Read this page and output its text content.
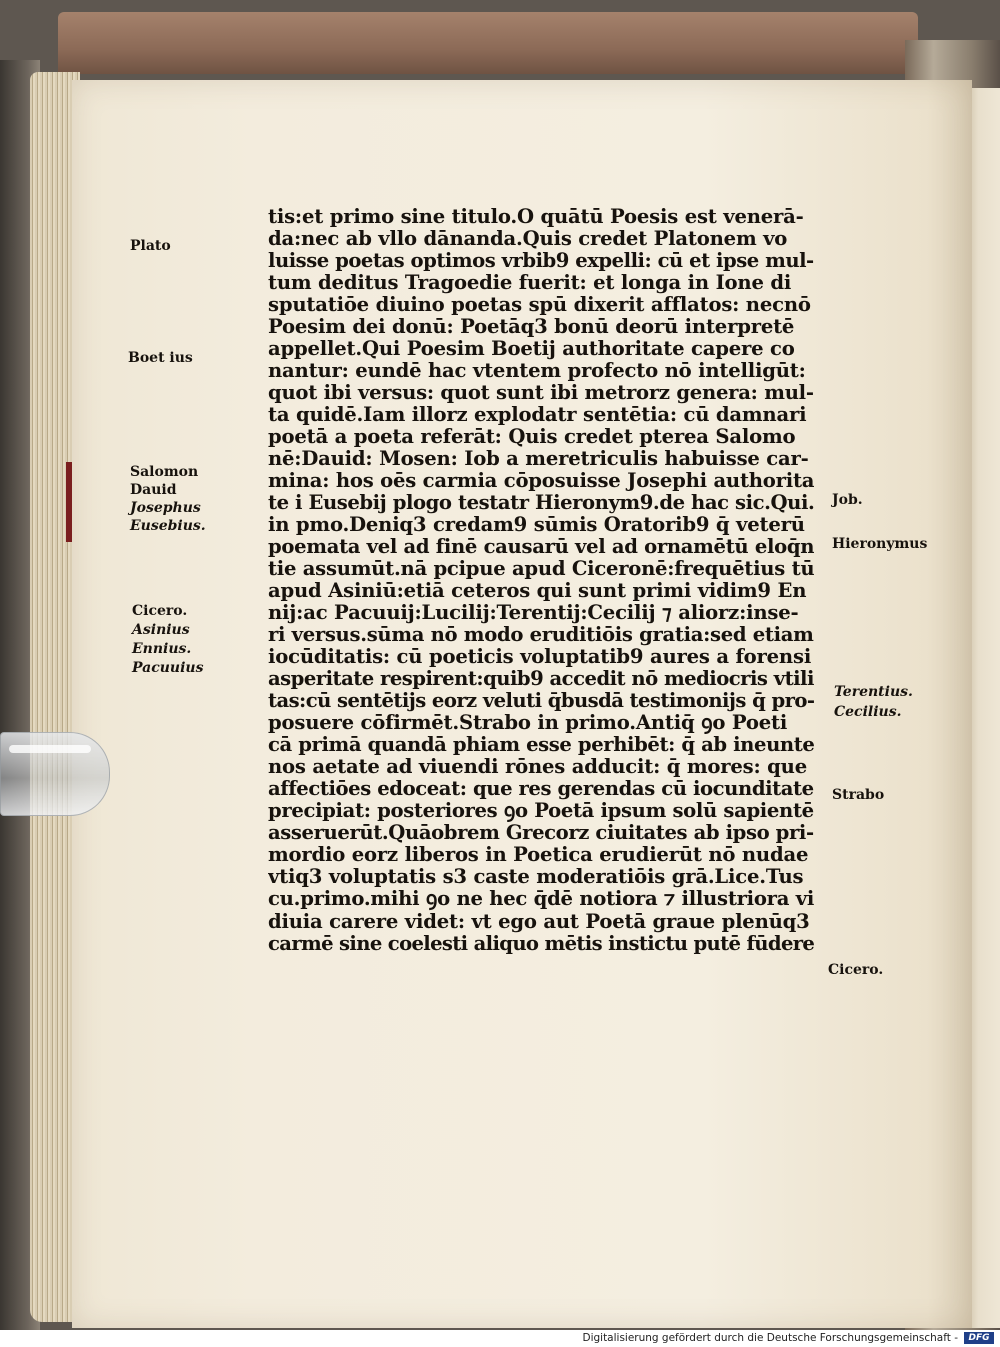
tis:et primo sine titulo.O quātū Poesis est venerā-
da:nec ab vllo dānanda.Quis credet Platonem vo
luisse poetas optimos vrbib9 expelli: cū et ipse mul-
tum deditus Tragoedie fuerit: et longa in Ione di
sputatiōe diuino poetas spū dixerit afflatos: necnō
Poesim dei donū: Poetāq3 bonū deorū interpretē
appellet.Qui Poesim Boetij authoritate capere co
nantur: eundē hac vtentem profecto nō intelligūt:
quot ibi versus: quot sunt ibi metrorz genera: mul-
ta quidē.Iam illorz explodatr sentētia: cū damnari
poetā a poeta referāt: Quis credet pterea Salomo
nē:Dauid: Mosen: Iob a meretriculis habuisse car-
mina: hos oēs carmia cōposuisse Josephi authorita
te i Eusebij plogo testatr Hieronym9.de hac sic.Qui.
in pmo.Deniq3 credam9 sūmis Oratorib9 q̄ veterū
poemata vel ad finē causarū vel ad ornamētū eloq̄n
tie assumūt.nā pcipue apud Ciceronē:frequētius tū
apud Asiniū:etiā ceteros qui sunt primi vidim9 En
nij:ac Pacuuij:Lucilij:Terentij:Cecilij ⁊ aliorz:inse-
ri versus.sūma nō modo eruditiōis gratia:sed etiam
iocūditatis: cū poeticis voluptatib9 aures a forensi
asperitate respirent:quib9 accedit nō mediocris vtili
tas:cū sentētijs eorz veluti q̄busdā testimonijs q̄ pro-
posuere cōfirmēt.Strabo in primo.Antiq̄ ꝯo Poeti
cā primā quandā phiam esse perhibēt: q̄ ab ineunte
nos aetate ad viuendi rōnes adducit: q̄ mores: que
affectiōes edoceat: que res gerendas cū iocunditate
precipiat: posteriores ꝯo Poetā ipsum solū sapientē
asseruerūt.Quāobrem Grecorz ciuitates ab ipso pri-
mordio eorz liberos in Poetica erudierūt nō nudae
vtiq3 voluptatis s3 caste moderatiōis grā.Lice.Tus
cu.primo.mihi ꝯo ne hec q̄dē notiora ⁊ illustriora vi
diuia carere videt: vt ego aut Poetā graue plenūq3
carmē sine coelesti aliquo mētis instictu putē fūdere
Plato
Boet ius
Salomon
Dauid
Josephus
Eusebius.
Cicero.
Asinius
Ennius.
Pacuuius
Job.
Hieronymus
Terentius.
Cecilius.
Strabo
Cicero.
Digitalisierung gefördert durch die Deutsche Forschungsgemeinschaft -	DFG
